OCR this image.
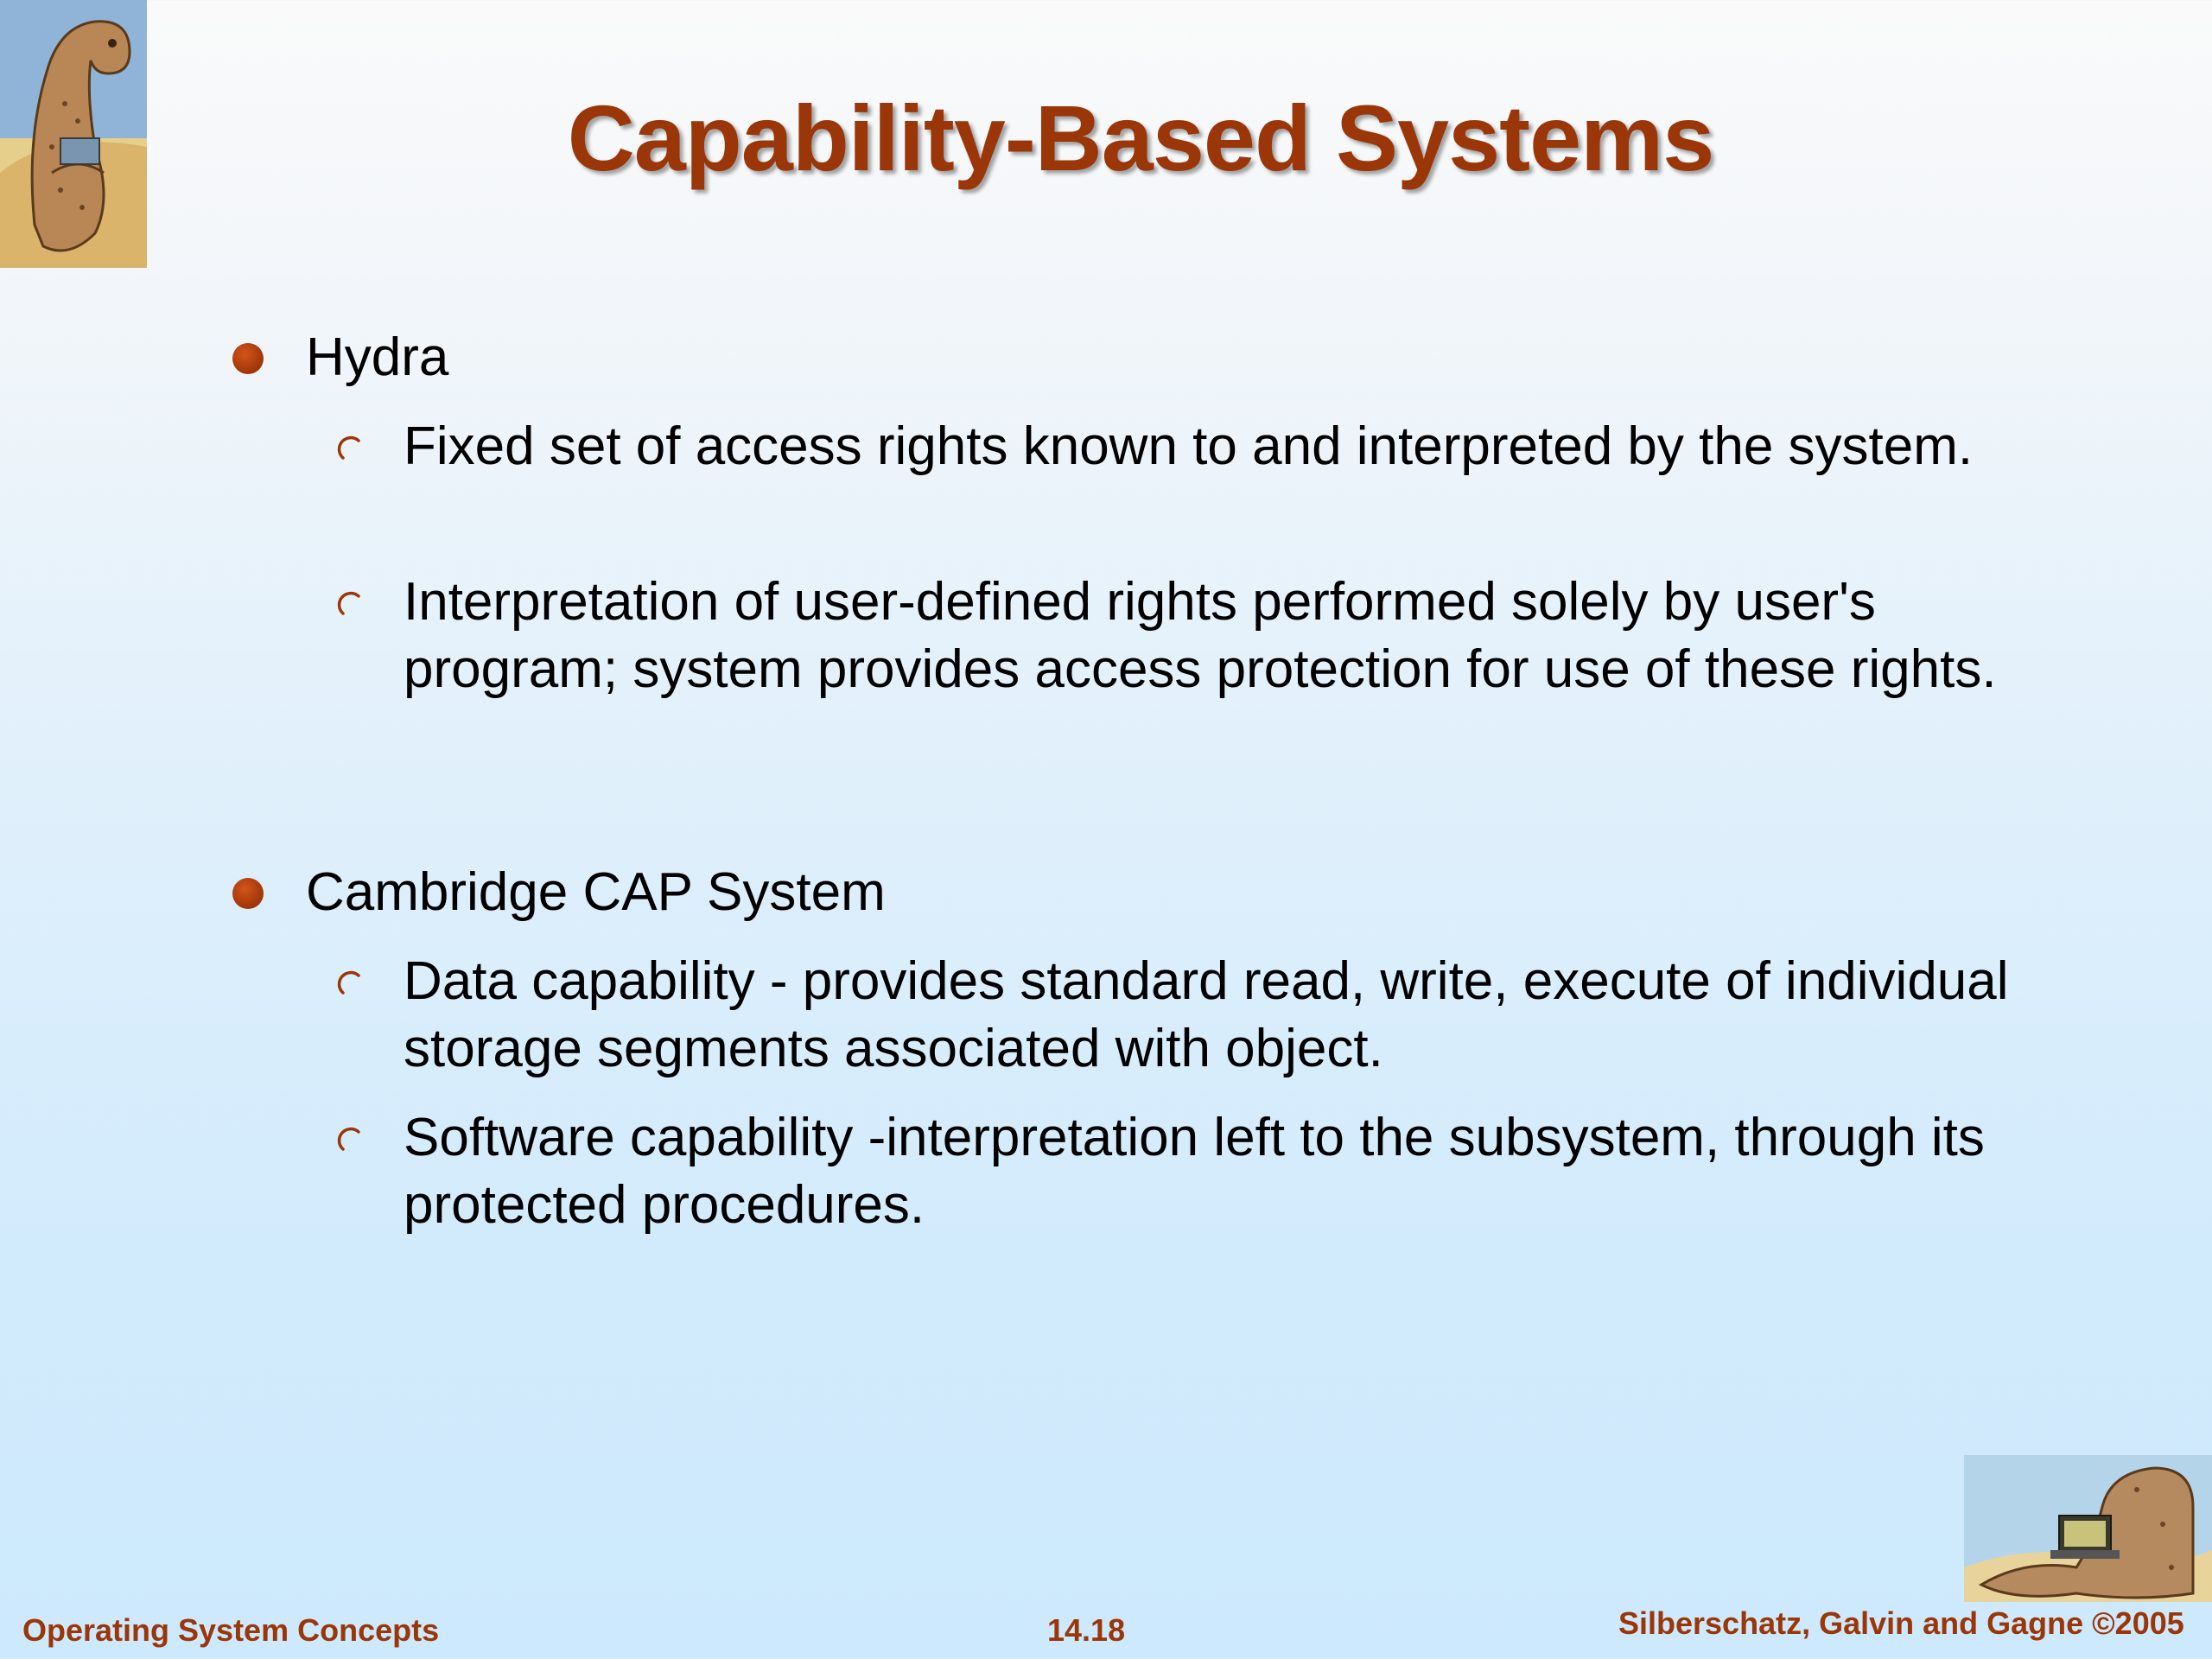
Capability-Based Systems
Hydra
Fixed set of access rights known to and interpreted by the system.
Interpretation of user-defined rights performed solely by user's program; system provides access protection for use of these rights.
Cambridge CAP System
Data capability - provides standard read, write, execute of individual storage segments associated with object.
Software capability -interpretation left to the subsystem, through its protected procedures.
Operating System Concepts	14.18	Silberschatz, Galvin and Gagne ©2005
